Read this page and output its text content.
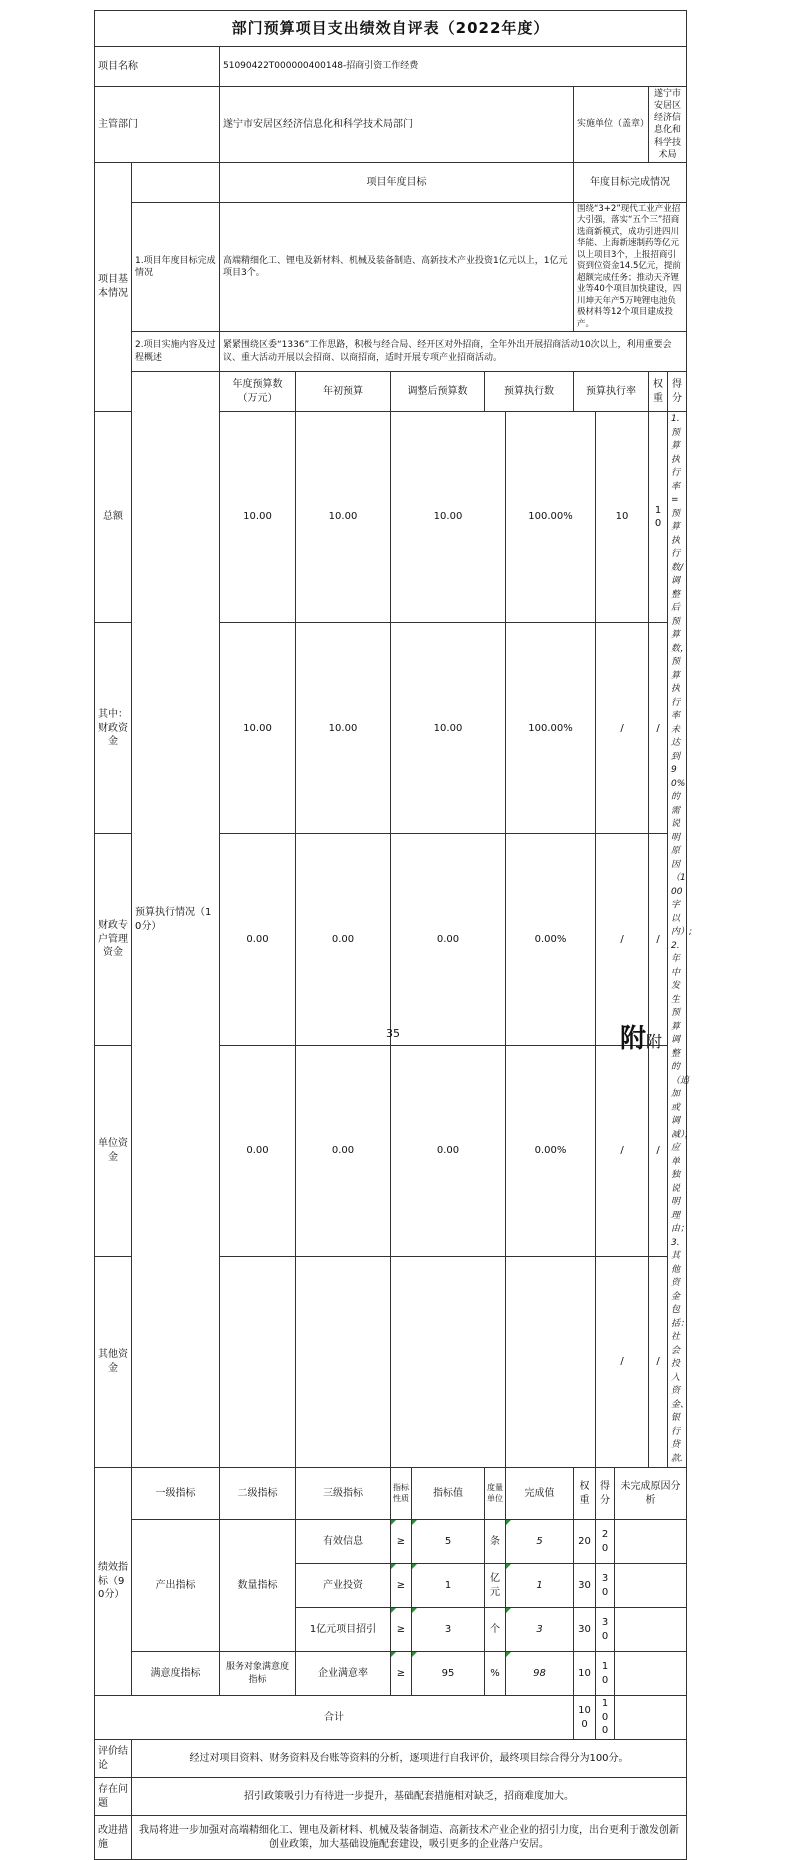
部门预算项目支出绩效自评表（2022年度）											
项目名称		51090422T000000400148-招商引资工作经费									
主管部门		遂宁市安居区经济信息化和科学技术局部门					实施单位（盖章）		遂宁市安居区经济信息化和科学技术局		
项目基本情况		项目年度目标					年度目标完成情况				
	1.项目年度目标完成情况	高端精细化工、锂电及新材料、机械及装备制造、高新技术产业投资1亿元以上，1亿元项目3个。					围绕“3+2”现代工业产业招大引强，落实“五个三”招商选商新模式，成功引进四川华能、上海新速制药等亿元以上项目3个，上报招商引资到位资金14.5亿元，提前超额完成任务；推动天齐锂业等40个项目加快建设，四川坤天年产5万吨锂电池负极材料等12个项目建成投产。				
	2.项目实施内容及过程概述	紧紧围绕区委“1336”工作思路，积极与经合局、经开区对外招商，全年外出开展招商活动10次以上，利用重要会议、重大活动开展以会招商、以商招商，适时开展专项产业招商活动。									
	预算执行情况（10分）	年度预算数（万元）	年初预算	调整后预算数	预算执行数		预算执行率		权重	得分	
总额		10.00	10.00	10.00		100.00%		10	10	1.预算执行率=预算执行数/调整后预算数，预算执行率未达到90%的需说明原因（100字以内）;2.年中发生预算调整的（追加或调减），应单独说明理由；3.其他资金包括：社会投入资金、银行贷款.	
其中：财政资金		10.00	10.00	10.00		100.00%		/	/		
财政专户管理资金		0.00	0.00	0.00		0.00%		/	/		
单位资金		0.00	0.00	0.00		0.00%		/	/		
其他资金								/	/		
绩效指标（90分）	一级指标	二级指标	三级指标	指标性质	指标值	度量单位	完成值	权重	得分	未完成原因分析
	产出指标	数量指标	有效信息	≥	5	条	5	20	20	
			产业投资	≥	1	亿元	1	30	30	
			1亿元项目招引	≥	3	个	3	30	30	
	满意度指标	服务对象满意度指标	企业满意率	≥	95	%	98	10	10	
合计								100	100	
评价结论	经过对项目资料、财务资料及台账等资料的分析，逐项进行自我评价，最终项目综合得分为100分。									
存在问题	招引政策吸引力有待进一步提升，基础配套措施相对缺乏，招商难度加大。									
改进措施	我局将进一步加强对高端精细化工、锂电及新材料、机械及装备制造、高新技术产业企业的招引力度，出台更利于激发创新创业政策，加大基础设施配套建设，吸引更多的企业落户安居。									
35	附附
